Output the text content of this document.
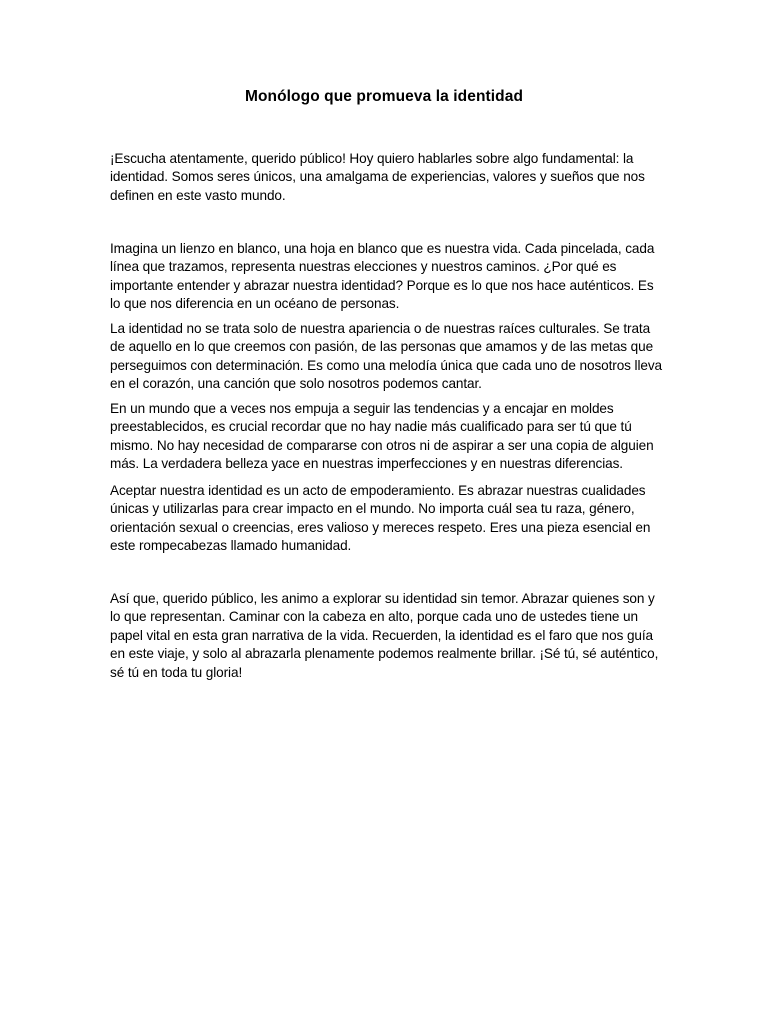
Monólogo que promueva la identidad

¡Escucha atentamente, querido público! Hoy quiero hablarles sobre algo fundamental: la identidad. Somos seres únicos, una amalgama de experiencias, valores y sueños que nos definen en este vasto mundo.

Imagina un lienzo en blanco, una hoja en blanco que es nuestra vida. Cada pincelada, cada línea que trazamos, representa nuestras elecciones y nuestros caminos. ¿Por qué es importante entender y abrazar nuestra identidad? Porque es lo que nos hace auténticos. Es lo que nos diferencia en un océano de personas.

La identidad no se trata solo de nuestra apariencia o de nuestras raíces culturales. Se trata de aquello en lo que creemos con pasión, de las personas que amamos y de las metas que perseguimos con determinación. Es como una melodía única que cada uno de nosotros lleva en el corazón, una canción que solo nosotros podemos cantar.

En un mundo que a veces nos empuja a seguir las tendencias y a encajar en moldes preestablecidos, es crucial recordar que no hay nadie más cualificado para ser tú que tú mismo. No hay necesidad de compararse con otros ni de aspirar a ser una copia de alguien más. La verdadera belleza yace en nuestras imperfecciones y en nuestras diferencias.

Aceptar nuestra identidad es un acto de empoderamiento. Es abrazar nuestras cualidades únicas y utilizarlas para crear impacto en el mundo. No importa cuál sea tu raza, género, orientación sexual o creencias, eres valioso y mereces respeto. Eres una pieza esencial en este rompecabezas llamado humanidad.

Así que, querido público, les animo a explorar su identidad sin temor. Abrazar quienes son y lo que representan. Caminar con la cabeza en alto, porque cada uno de ustedes tiene un papel vital en esta gran narrativa de la vida. Recuerden, la identidad es el faro que nos guía en este viaje, y solo al abrazarla plenamente podemos realmente brillar. ¡Sé tú, sé auténtico, sé tú en toda tu gloria!
